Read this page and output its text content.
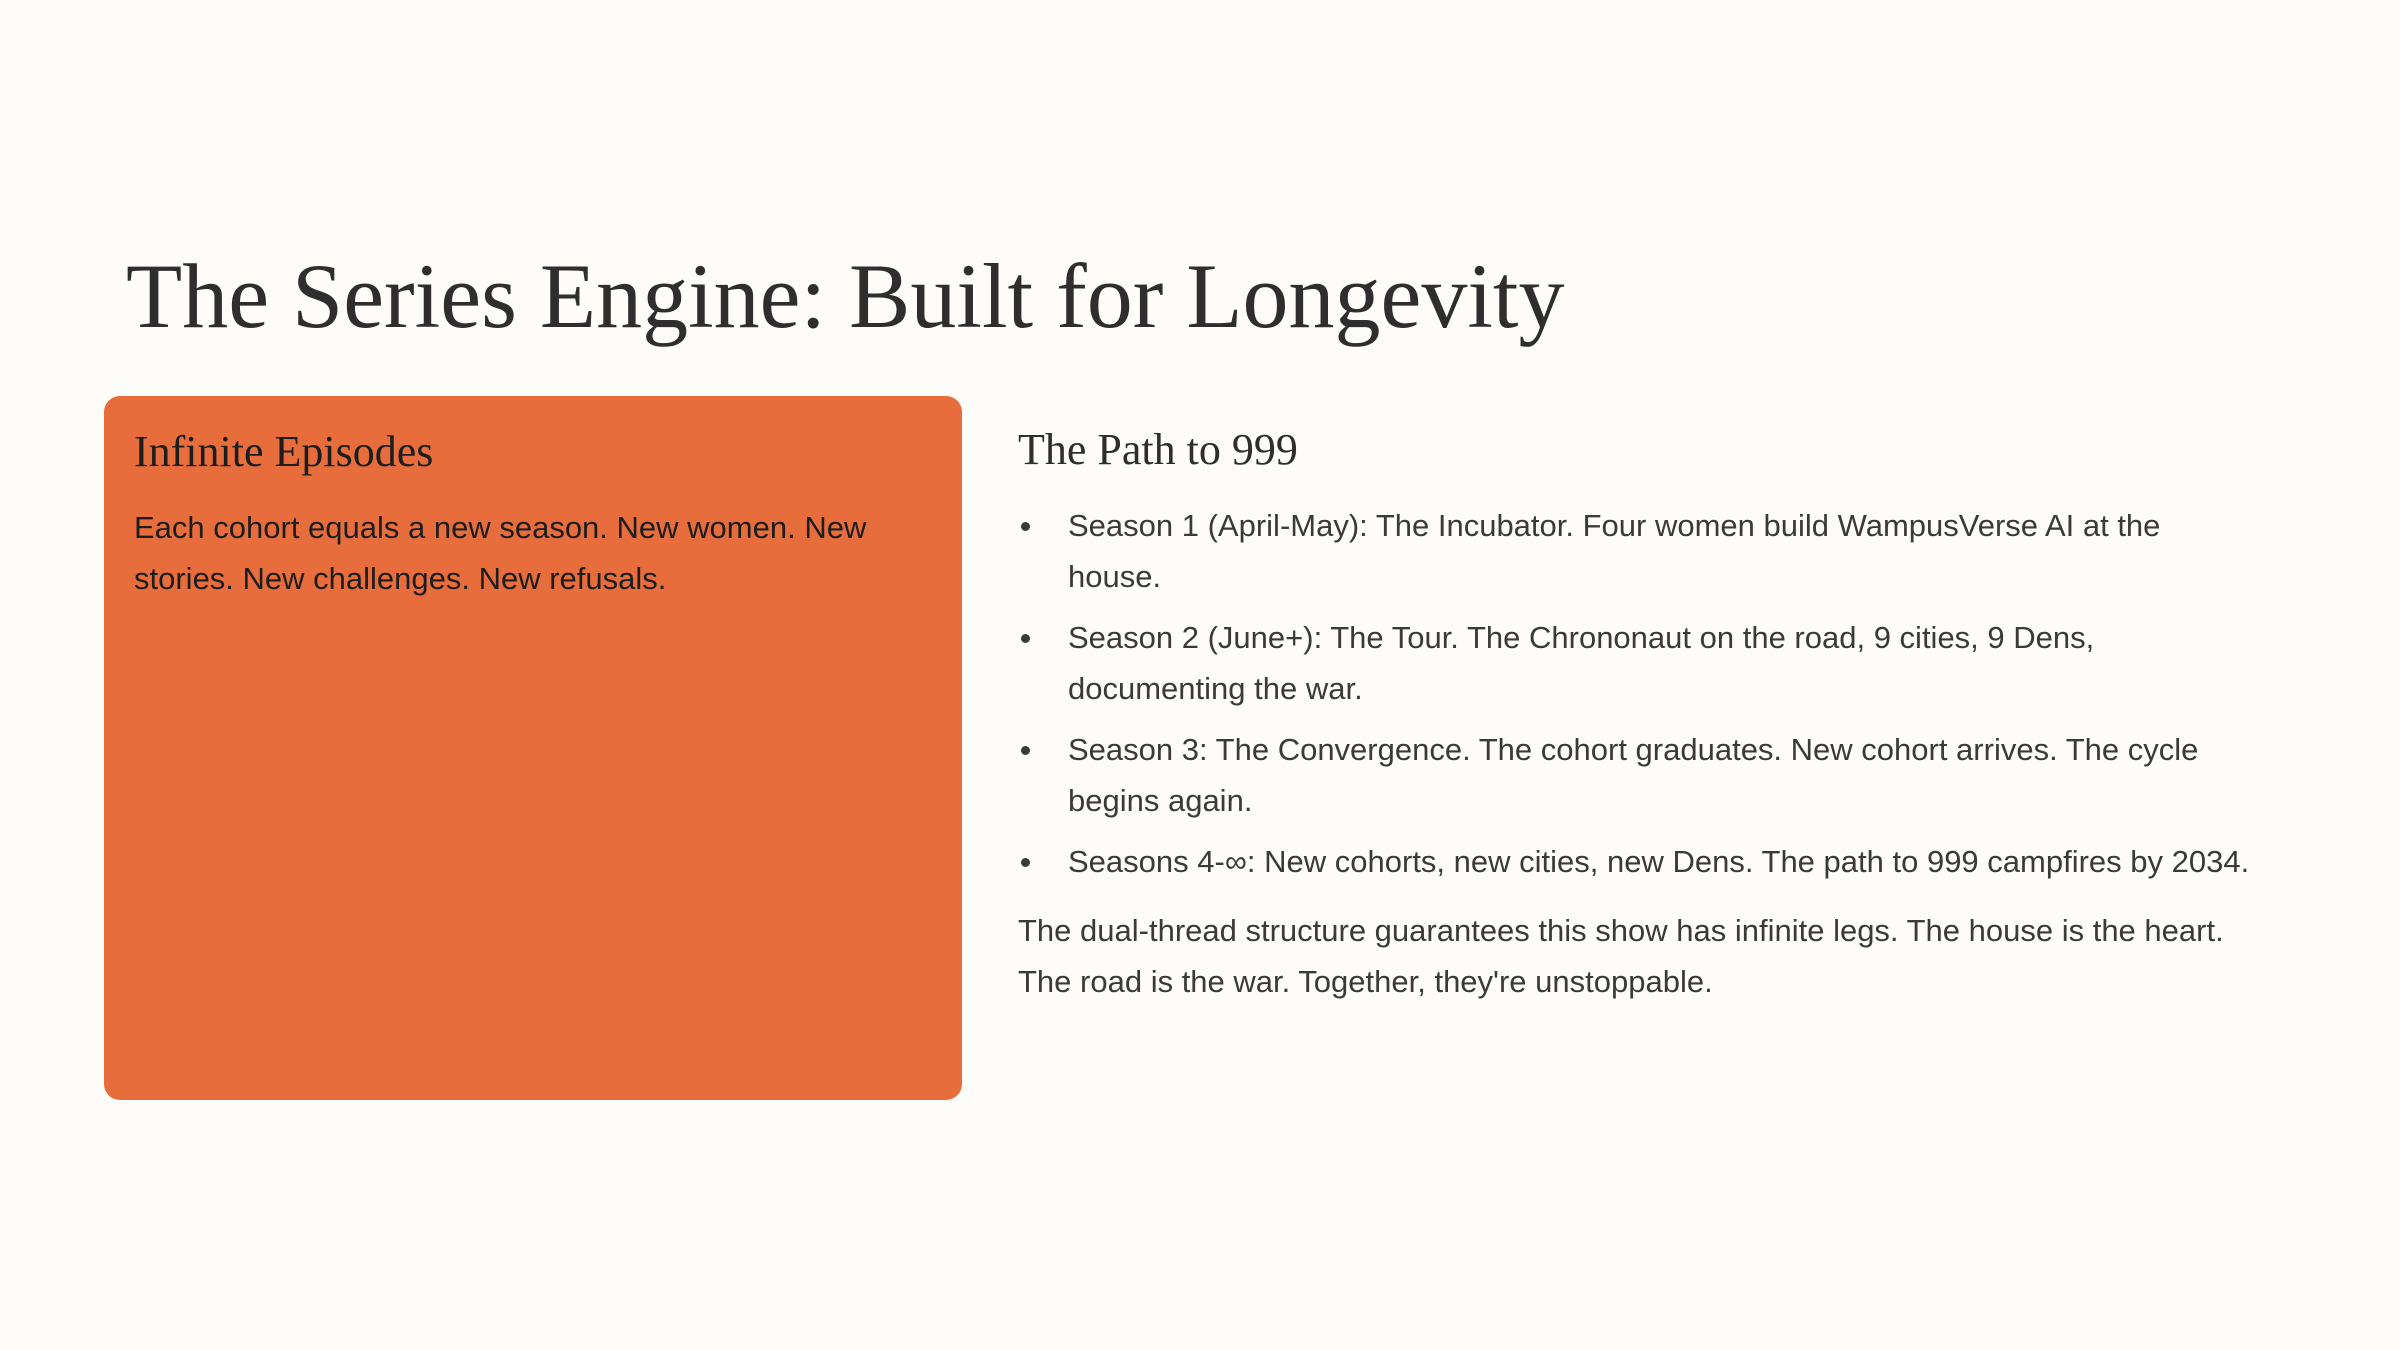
The Series Engine: Built for Longevity
Infinite Episodes

Each cohort equals a new season. New women. New stories. New challenges. New refusals.

The Path to 999
Season 1 (April-May): The Incubator. Four women build WampusVerse AI at the house.
Season 2 (June+): The Tour. The Chrononaut on the road, 9 cities, 9 Dens, documenting the war.
Season 3: The Convergence. The cohort graduates. New cohort arrives. The cycle begins again.
Seasons 4-∞: New cohorts, new cities, new Dens. The path to 999 campfires by 2034.

The dual-thread structure guarantees this show has infinite legs. The house is the heart. The road is the war. Together, they're unstoppable.
